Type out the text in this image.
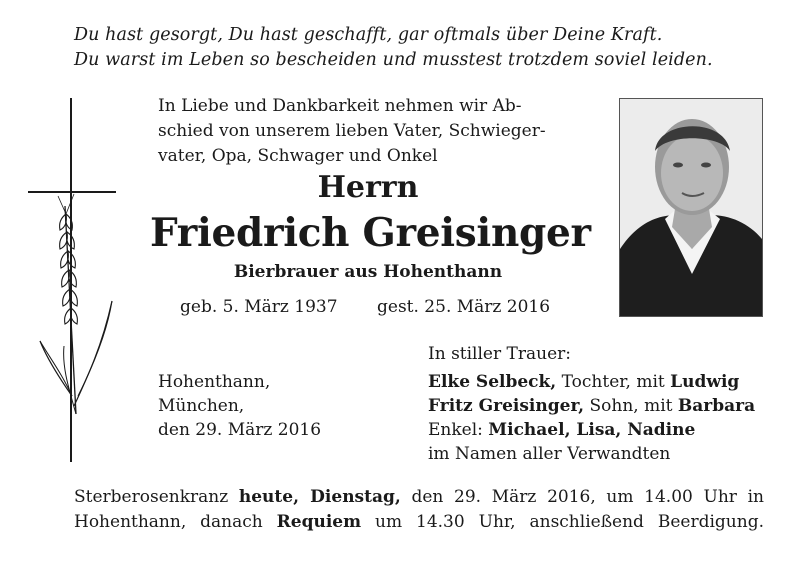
Du hast gesorgt, Du hast geschafft, gar oftmals über Deine Kraft.
Du warst im Leben so bescheiden und musstest trotzdem soviel leiden.
In Liebe und Dankbarkeit nehmen wir Ab-
schied von unserem lieben Vater, Schwieger-
vater, Opa, Schwager und Onkel
Herrn
Friedrich Greisinger
Bierbrauer aus Hohenthann
geb. 5. März 1937 gest. 25. März 2016
Hohenthann,
München,
den 29. März 2016
In stiller Trauer:
Elke Selbeck, Tochter, mit Ludwig
Fritz Greisinger, Sohn, mit Barbara
Enkel: Michael, Lisa, Nadine
im Namen aller Verwandten
Sterberosenkranz heute, Dienstag, den 29. März 2016, um 14.00 Uhr in
Hohenthann, danach Requiem um 14.30 Uhr, anschließend Beerdigung.
